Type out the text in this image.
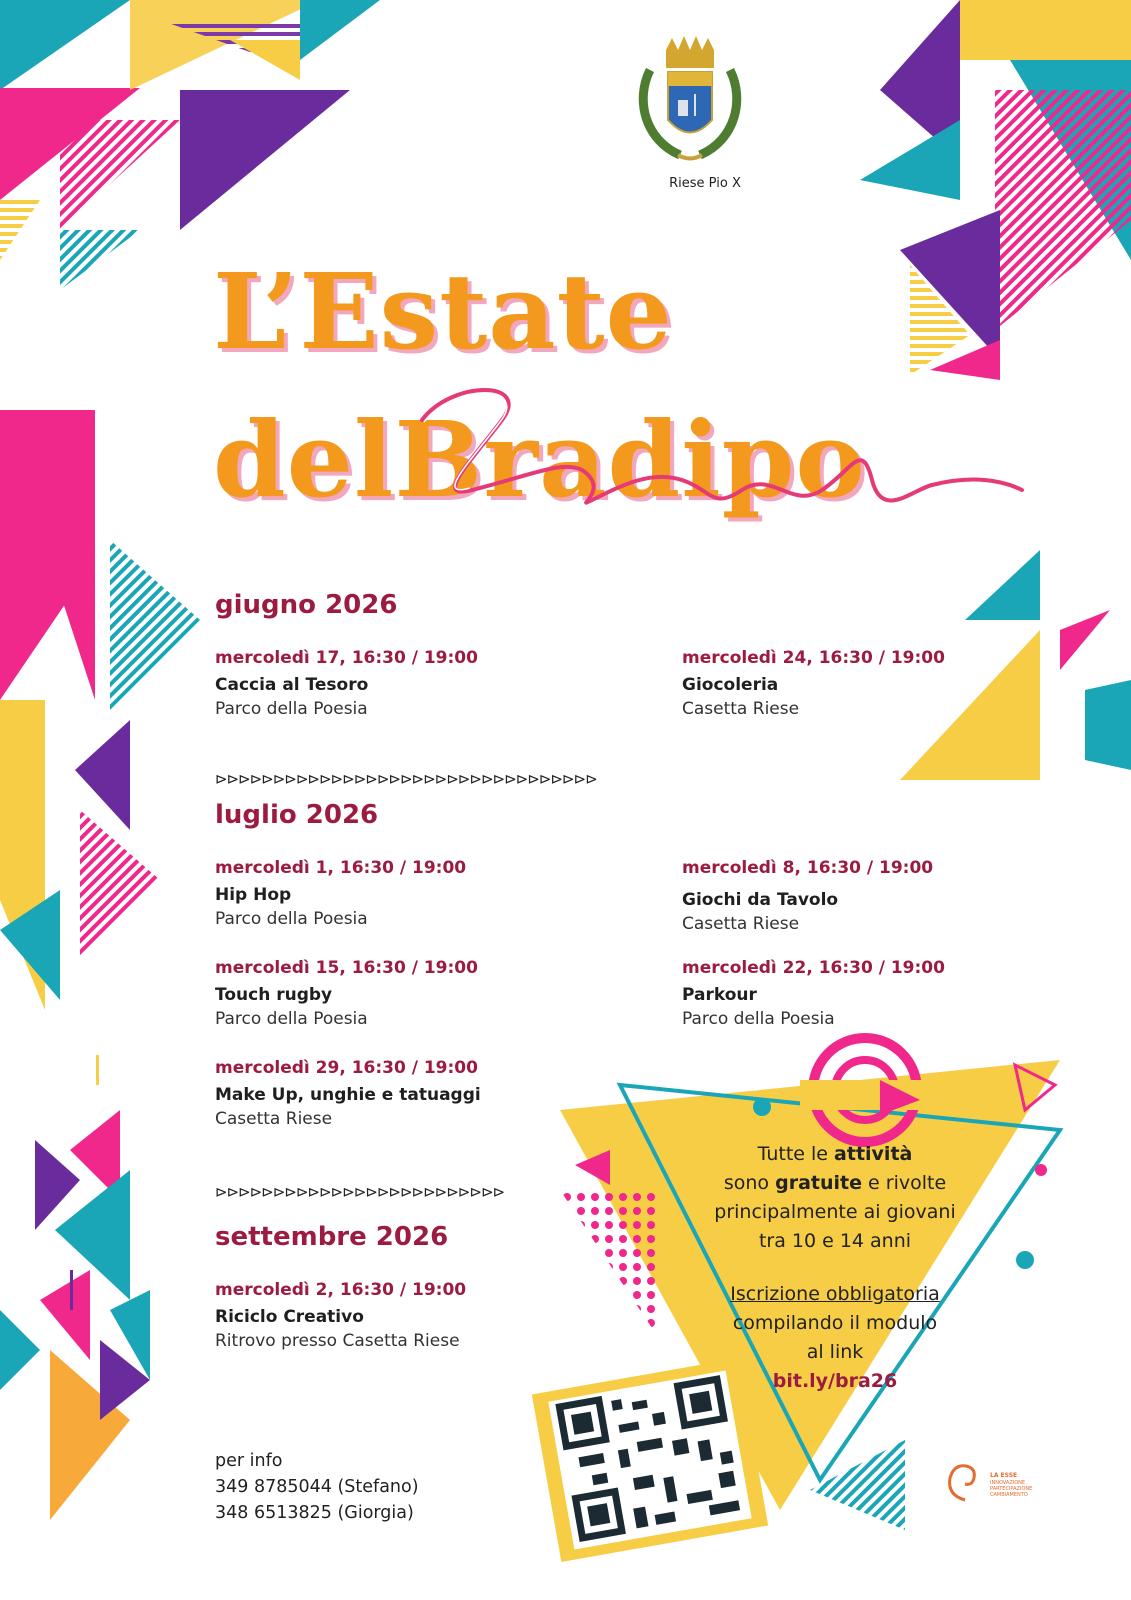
Riese Pio X
L’Estate
delBradipo
giugno 2026
mercoledì 17, 16:30 / 19:00
Caccia al Tesoro
Parco della Poesia
mercoledì 24, 16:30 / 19:00
Giocoleria
Casetta Riese
⊳⊳⊳⊳⊳⊳⊳⊳⊳⊳⊳⊳⊳⊳⊳⊳⊳⊳⊳⊳⊳⊳⊳⊳⊳⊳⊳⊳⊳⊳⊳⊳⊳
luglio 2026
mercoledì 1, 16:30 / 19:00
Hip Hop
Parco della Poesia
mercoledì 8, 16:30 / 19:00
Giochi da Tavolo
Casetta Riese
mercoledì 15, 16:30 / 19:00
Touch rugby
Parco della Poesia
mercoledì 22, 16:30 / 19:00
Parkour
Parco della Poesia
mercoledì 29, 16:30 / 19:00
Make Up, unghie e tatuaggi
Casetta Riese
⊳⊳⊳⊳⊳⊳⊳⊳⊳⊳⊳⊳⊳⊳⊳⊳⊳⊳⊳⊳⊳⊳⊳⊳⊳
settembre 2026
mercoledì 2, 16:30 / 19:00
Riciclo Creativo
Ritrovo presso Casetta Riese
per info
349 8785044 (Stefano)
348 6513825 (Giorgia)
Tutte le attività
sono gratuite e rivolte
principalmente ai giovani
tra 10 e 14 anni
Iscrizione obbligatoria
compilando il modulo
al link
bit.ly/bra26
LA ESSE
INNOVAZIONE PARTECIPAZIONE CAMBIAMENTO
